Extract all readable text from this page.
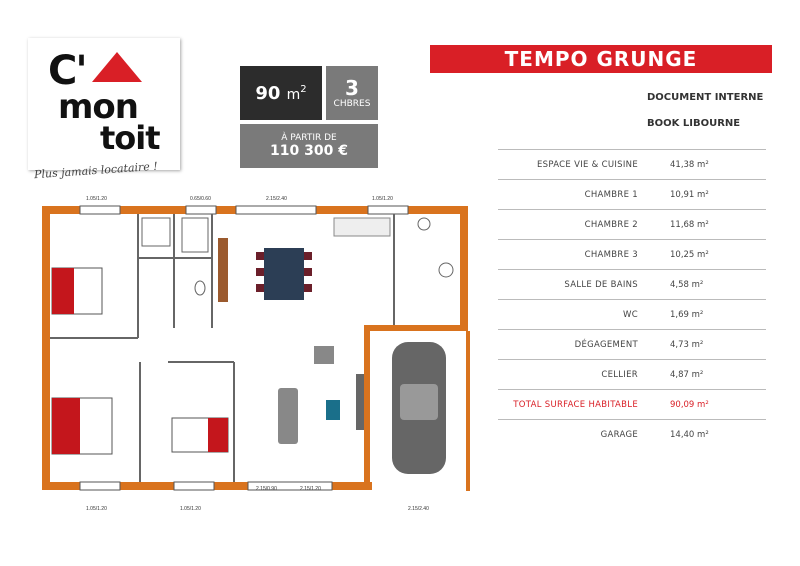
C'
mon
toit
Plus jamais locataire !
90 $m^2$ 3
CHBRES
À PARTIR DE
110 300 €
TEMPO GRUNGE
DOCUMENT INTERNE
BOOK LIBOURNE
ESPACE VIE & CUISINE	41,38 m²
CHAMBRE 1	10,91 m²
CHAMBRE 2	11,68 m²
CHAMBRE 3	10,25 m²
SALLE DE BAINS	4,58 m²
WC	1,69 m²
DÉGAGEMENT	4,73 m²
CELLIER	4,87 m²
TOTAL SURFACE HABITABLE	90,09 m²
GARAGE	14,40 m²
1.05/1.20	0.65/0.60	2.15/2.40	1.05/1.20
1.05/1.20	1.05/1.20
2.15/0.90	2.15/1.20
2.15/2.40
